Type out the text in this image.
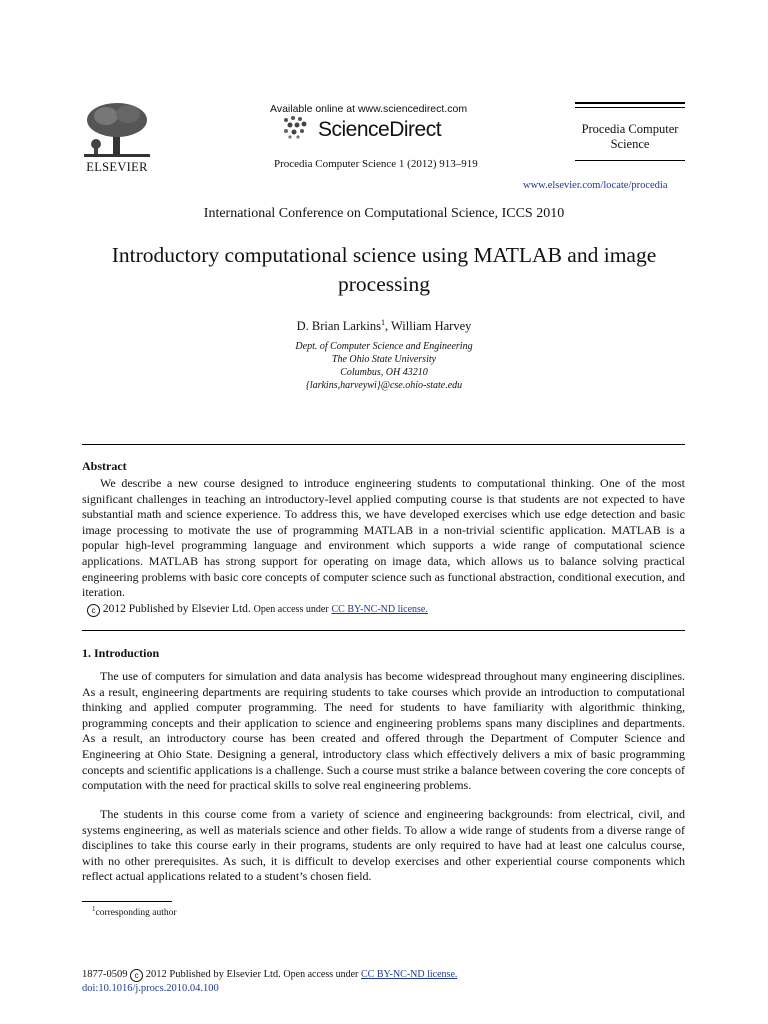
ELSEVIER
Available online at www.sciencedirect.com
ScienceDirect
Procedia Computer Science 1 (2012) 913–919
Procedia Computer
Science
www.elsevier.com/locate/procedia
International Conference on Computational Science, ICCS 2010
Introductory computational science using MATLAB and image
processing
D. Brian Larkins$^1$, William Harvey
Dept. of Computer Science and Engineering
The Ohio State University
Columbus, OH 43210
{larkins,harveywi}@cse.ohio-state.edu
Abstract

We describe a new course designed to introduce engineering students to computational thinking. One of the most significant challenges in teaching an introductory-level applied computing course is that students are not expected to have substantial math and science experience. To address this, we have developed exercises which use edge detection and basic image processing to motivate the use of programming MATLAB in a non-trivial scientific application. MATLAB is a popular high-level programming language and environment which supports a wide range of computational science applications. MATLAB has strong support for operating on image data, which allows us to balance solving practical engineering problems with basic core concepts of computer science such as functional abstraction, conditional execution, and iteration.

c 2012 Published by Elsevier Ltd. Open access under CC BY-NC-ND license.
1. Introduction

The use of computers for simulation and data analysis has become widespread throughout many engineering disciplines. As a result, engineering departments are requiring students to take courses which provide an introduction to computational thinking and applied computer programming. The need for students to have familiarity with algorithmic thinking, programming concepts and their application to science and engineering problems spans many disciplines and departments. As a result, an introductory course has been created and offered through the Department of Computer Science and Engineering at Ohio State. Designing a general, introductory class which effectively delivers a mix of basic programming concepts and scientific applications is a challenge. Such a course must strike a balance between covering the core concepts of computation with the need for practical skills to solve real engineering problems.

The students in this course come from a variety of science and engineering backgrounds: from electrical, civil, and systems engineering, as well as materials science and other fields. To allow a wide range of students from a diverse range of disciplines to take this course early in their programs, students are only required to have had at least one calculus course, with no other prerequisites. As such, it is difficult to develop exercises and other experiential course components which reflect actual applications related to a student’s chosen field.

$^1$corresponding author
1877-0509 c 2012 Published by Elsevier Ltd. Open access under CC BY-NC-ND license.
doi:10.1016/j.procs.2010.04.100
